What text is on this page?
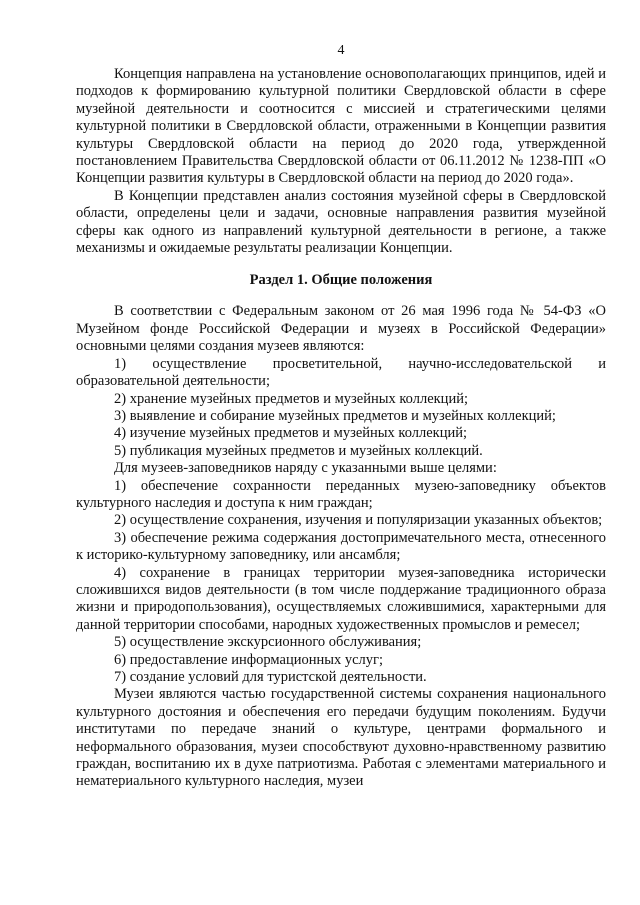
4

Концепция направлена на установление основополагающих принципов, идей и подходов к формированию культурной политики Свердловской области в сфере музейной деятельности и соотносится с миссией и стратегическими целями культурной политики в Свердловской области, отраженными в Концепции развития культуры Свердловской области на период до 2020 года, утвержденной постановлением Правительства Свердловской области от 06.11.2012 № 1238-ПП «О Концепции развития культуры в Свердловской области на период до 2020 года».

В Концепции представлен анализ состояния музейной сферы в Свердловской области, определены цели и задачи, основные направления развития музейной сферы как одного из направлений культурной деятельности в регионе, а также механизмы и ожидаемые результаты реализации Концепции.

Раздел 1. Общие положения

В соответствии с Федеральным законом от 26 мая 1996 года № 54-ФЗ «О Музейном фонде Российской Федерации и музеях в Российской Федерации» основными целями создания музеев являются:

1) осуществление просветительной, научно-исследовательской и образовательной деятельности;

2) хранение музейных предметов и музейных коллекций;

3) выявление и собирание музейных предметов и музейных коллекций;

4) изучение музейных предметов и музейных коллекций;

5) публикация музейных предметов и музейных коллекций.

Для музеев-заповедников наряду с указанными выше целями:

1) обеспечение сохранности переданных музею-заповеднику объектов культурного наследия и доступа к ним граждан;

2) осуществление сохранения, изучения и популяризации указанных объектов;

3) обеспечение режима содержания достопримечательного места, отнесенного к историко-культурному заповеднику, или ансамбля;

4) сохранение в границах территории музея-заповедника исторически сложившихся видов деятельности (в том числе поддержание традиционного образа жизни и природопользования), осуществляемых сложившимися, характерными для данной территории способами, народных художественных промыслов и ремесел;

5) осуществление экскурсионного обслуживания;

6) предоставление информационных услуг;

7) создание условий для туристской деятельности.

Музеи являются частью государственной системы сохранения национального культурного достояния и обеспечения его передачи будущим поколениям. Будучи институтами по передаче знаний о культуре, центрами формального и неформального образования, музеи способствуют духовно-нравственному развитию граждан, воспитанию их в духе патриотизма. Работая с элементами материального и нематериального культурного наследия, музеи
